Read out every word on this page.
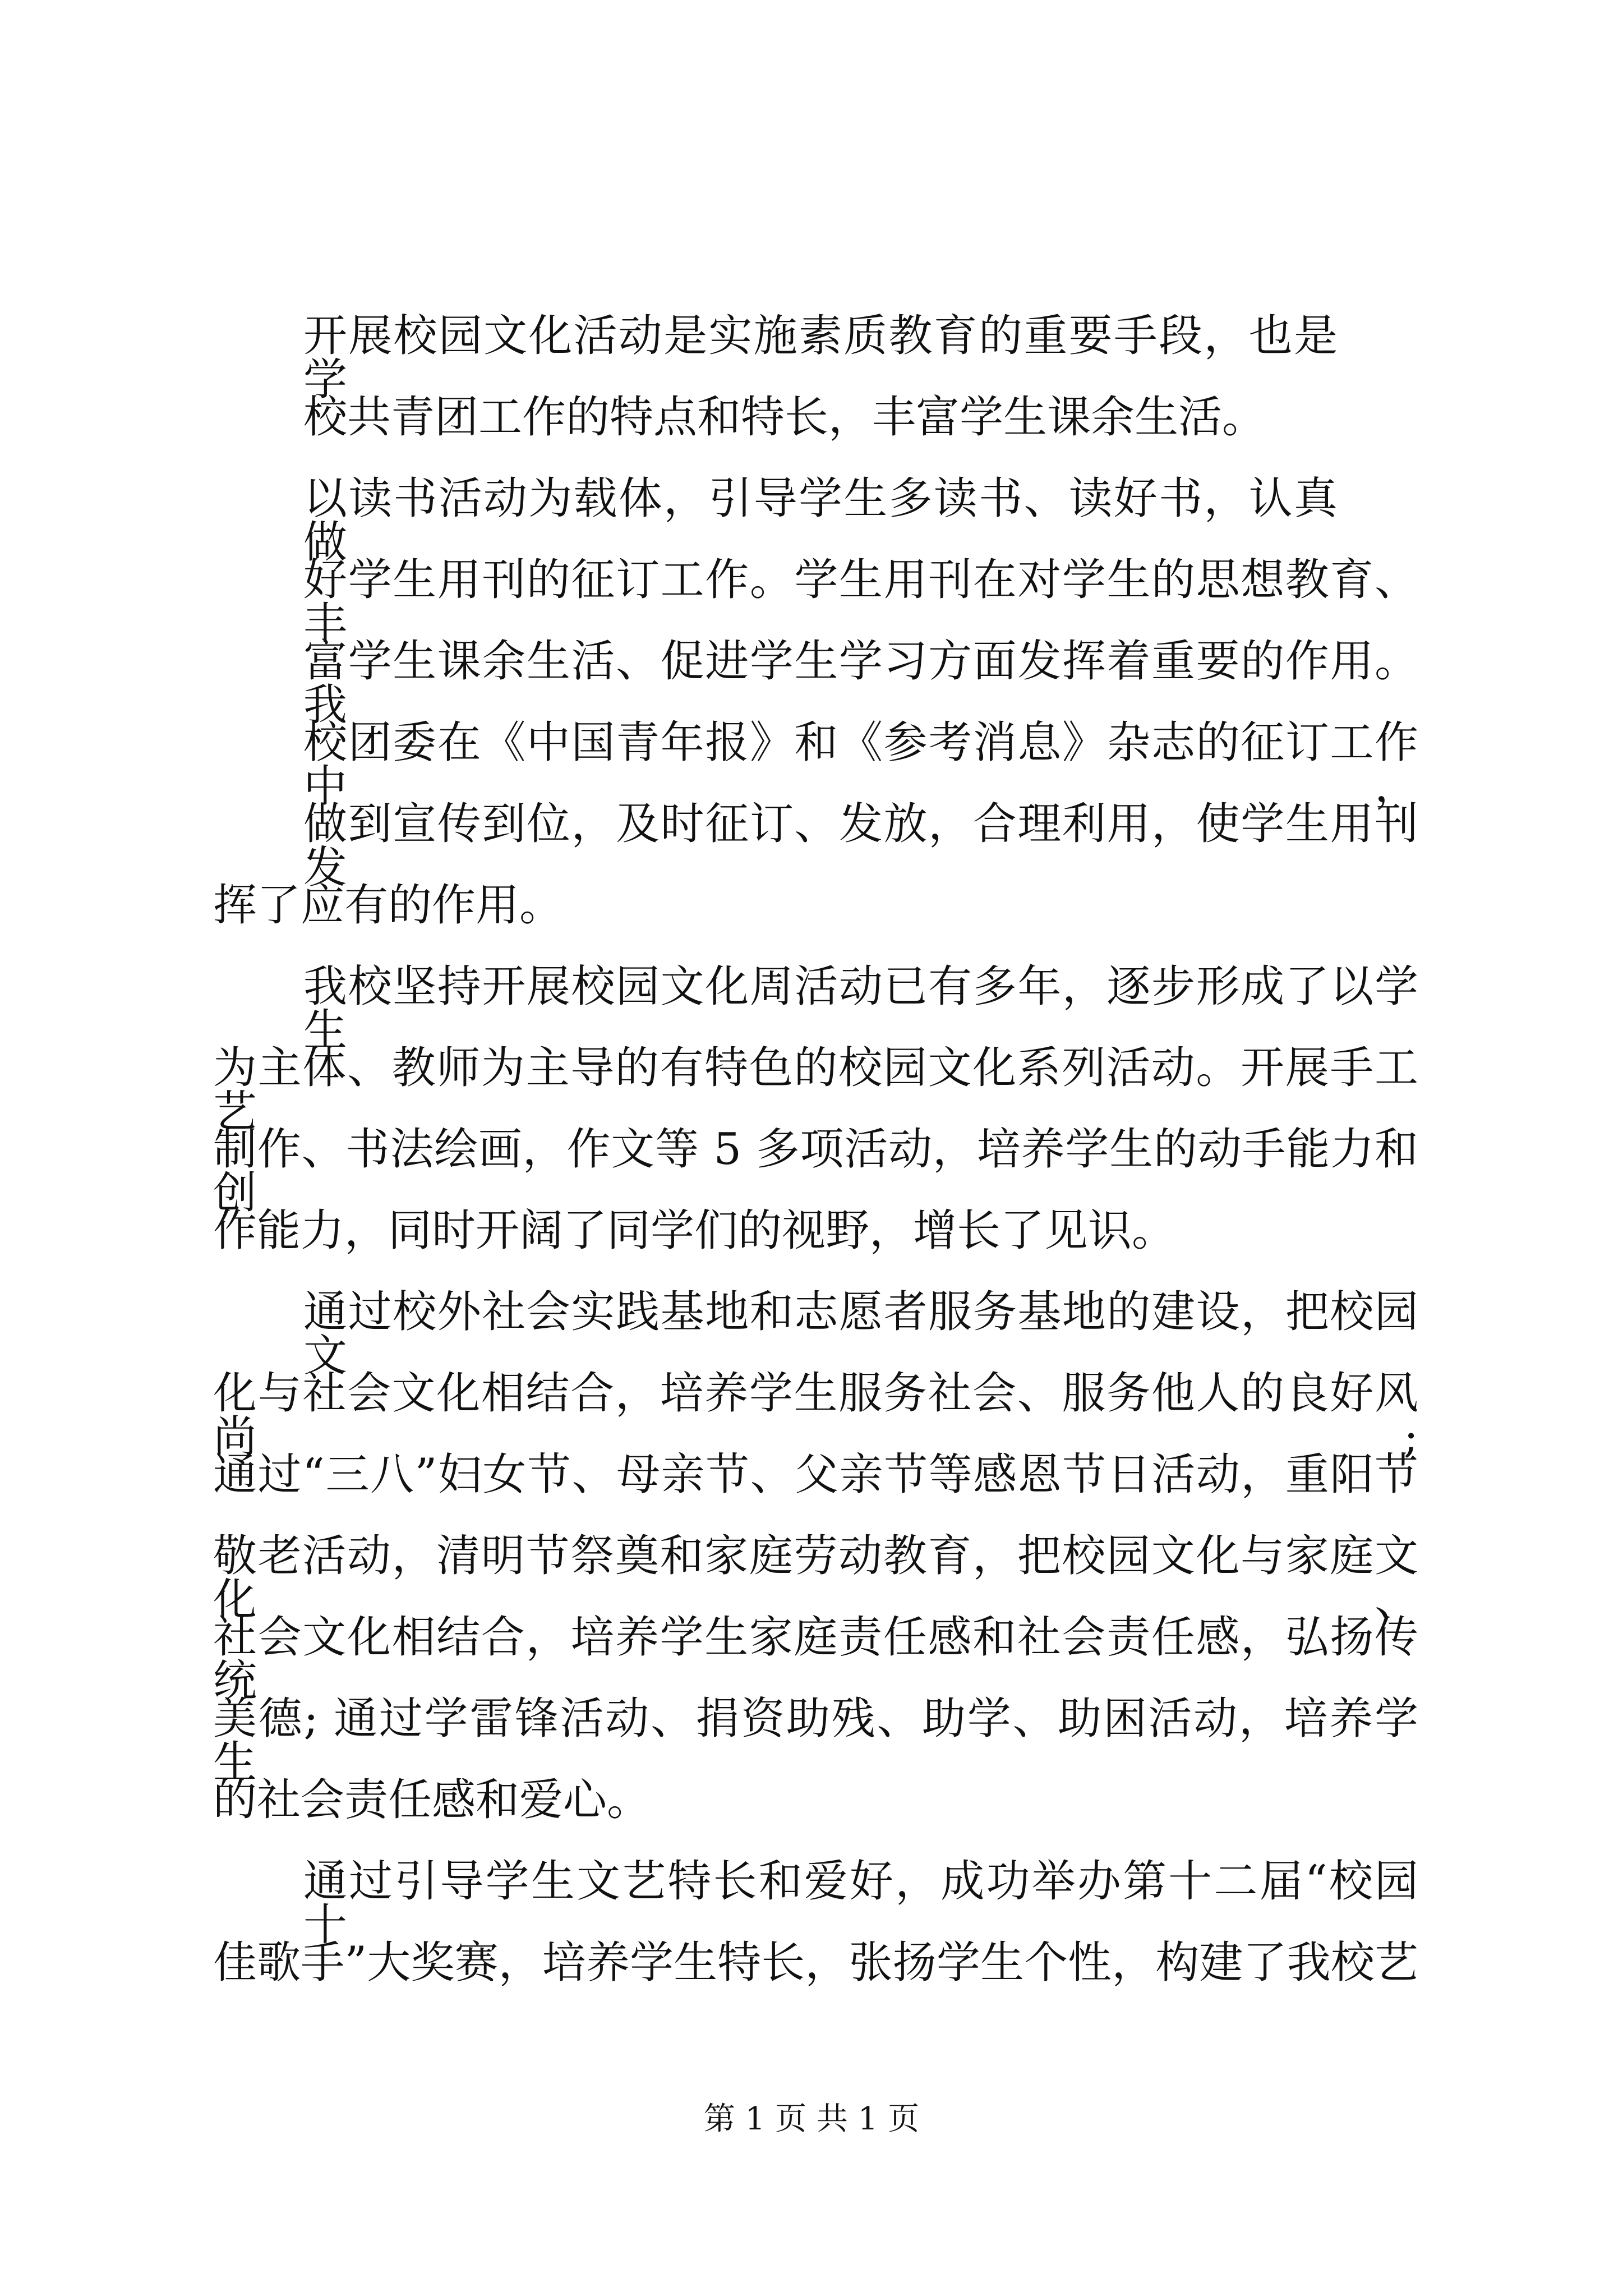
开展校园文化活动是实施素质教育的重要手段，也是学
校共青团工作的特点和特长，丰富学生课余生活。
以读书活动为载体，引导学生多读书、读好书，认真做
好学生用刊的征订工作。学生用刊在对学生的思想教育、丰
富学生课余生活、促进学生学习方面发挥着重要的作用。我
校团委在《中国青年报》和《参考消息》杂志的征订工作中，
做到宣传到位，及时征订、发放，合理利用，使学生用刊发
挥了应有的作用。
我校坚持开展校园文化周活动已有多年，逐步形成了以学生
为主体、教师为主导的有特色的校园文化系列活动。开展手工艺
制作、书法绘画，作文等 5 多项活动，培养学生的动手能力和创
作能力，同时开阔了同学们的视野，增长了见识。
通过校外社会实践基地和志愿者服务基地的建设，把校园文
化与社会文化相结合，培养学生服务社会、服务他人的良好风尚;
通过“三八”妇女节、母亲节、父亲节等感恩节日活动，重阳节
敬老活动，清明节祭奠和家庭劳动教育，把校园文化与家庭文化、
社会文化相结合，培养学生家庭责任感和社会责任感，弘扬传统
美德; 通过学雷锋活动、捐资助残、助学、助困活动，培养学生
的社会责任感和爱心。
通过引导学生文艺特长和爱好，成功举办第十二届“校园十
佳歌手”大奖赛，培养学生特长，张扬学生个性，构建了我校艺
第 1 页 共 1 页
